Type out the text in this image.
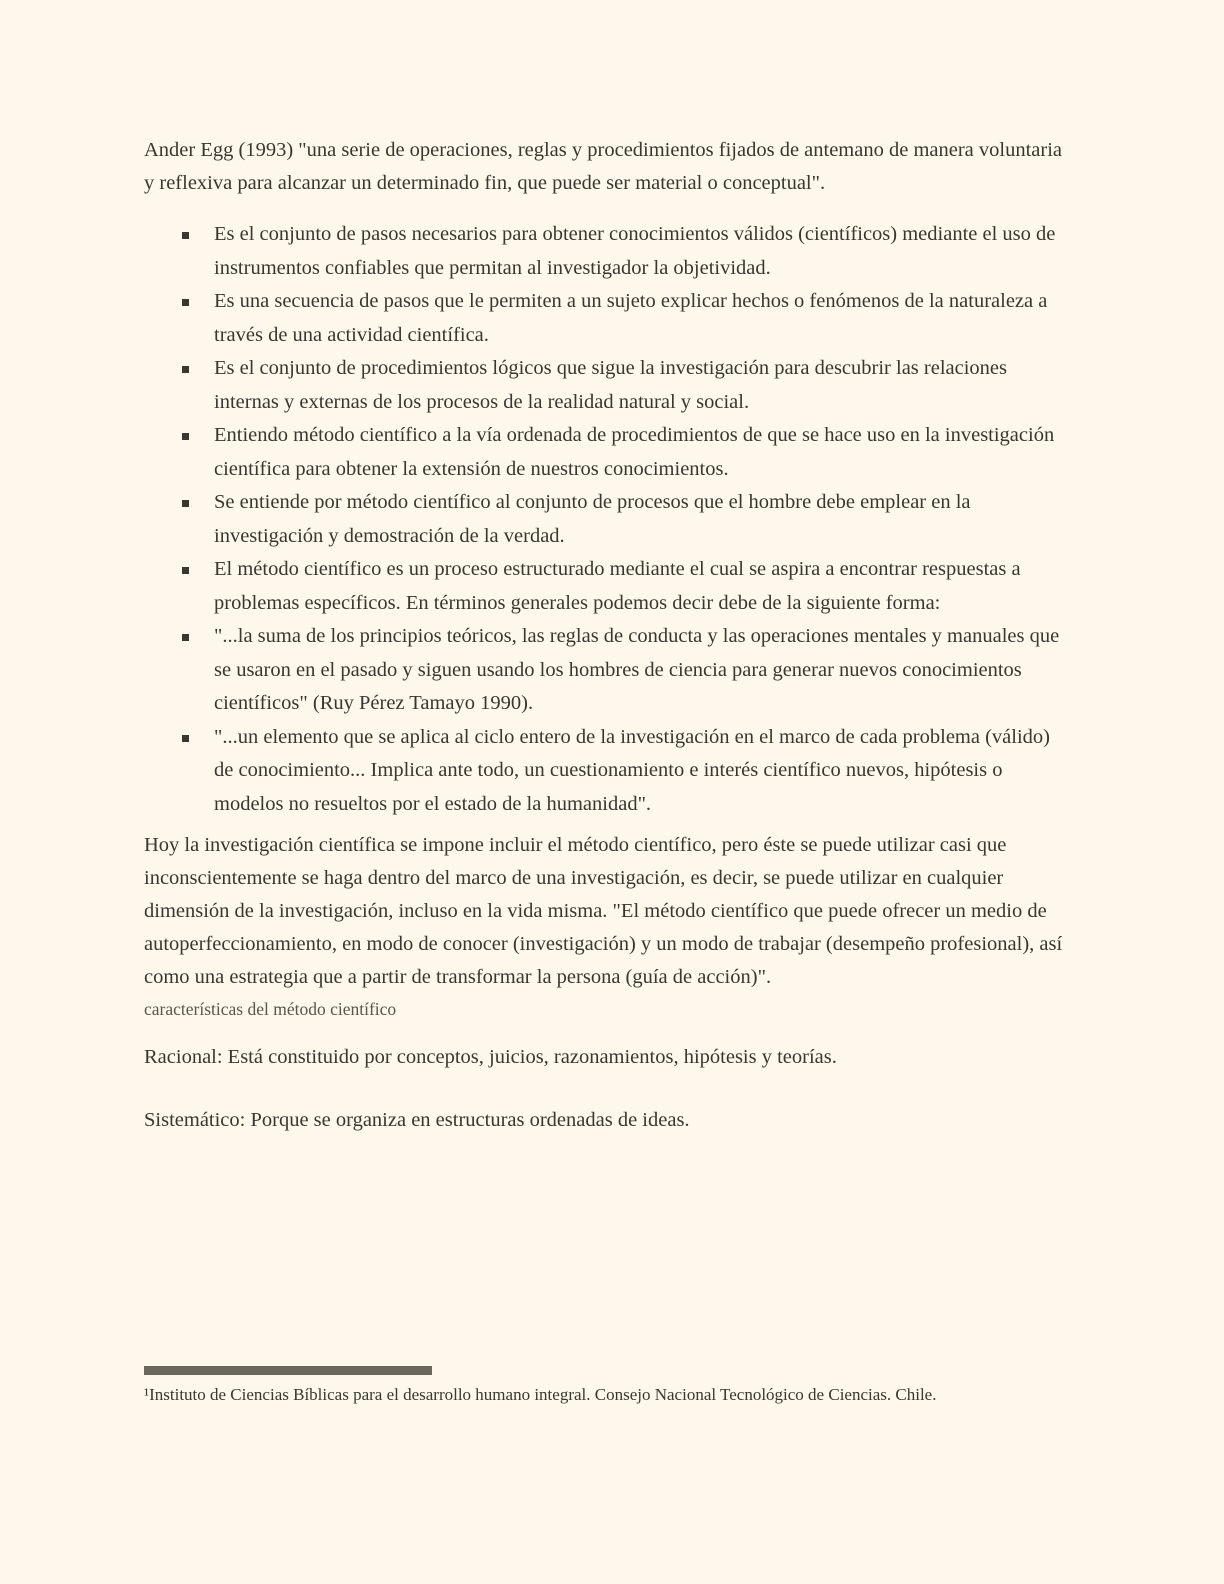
Ander Egg (1993) "una serie de operaciones, reglas y procedimientos fijados de antemano de manera voluntaria y reflexiva para alcanzar un determinado fin, que puede ser material o conceptual".

Es el conjunto de pasos necesarios para obtener conocimientos válidos (científicos) mediante el uso de instrumentos confiables que permitan al investigador la objetividad.
Es una secuencia de pasos que le permiten a un sujeto explicar hechos o fenómenos de la naturaleza a través de una actividad científica.
Es el conjunto de procedimientos lógicos que sigue la investigación para descubrir las relaciones internas y externas de los procesos de la realidad natural y social.
Entiendo método científico a la vía ordenada de procedimientos de que se hace uso en la investigación científica para obtener la extensión de nuestros conocimientos.
Se entiende por método científico al conjunto de procesos que el hombre debe emplear en la investigación y demostración de la verdad.
El método científico es un proceso estructurado mediante el cual se aspira a encontrar respuestas a problemas específicos. En términos generales podemos decir debe de la siguiente forma:
"...la suma de los principios teóricos, las reglas de conducta y las operaciones mentales y manuales que se usaron en el pasado y siguen usando los hombres de ciencia para generar nuevos conocimientos científicos" (Ruy Pérez Tamayo 1990).
"...un elemento que se aplica al ciclo entero de la investigación en el marco de cada problema (válido) de conocimiento... Implica ante todo, un cuestionamiento e interés científico nuevos, hipótesis o modelos no resueltos por el estado de la humanidad".

Hoy la investigación científica se impone incluir el método científico, pero éste se puede utilizar casi que inconscientemente se haga dentro del marco de una investigación, es decir, se puede utilizar en cualquier dimensión de la investigación, incluso en la vida misma. "El método científico que puede ofrecer un medio de autoperfeccionamiento, en modo de conocer (investigación) y un modo de trabajar (desempeño profesional), así como una estrategia que a partir de transformar la persona (guía de acción)".

características del método científico

Racional: Está constituido por conceptos, juicios, razonamientos, hipótesis y teorías.

Sistemático: Porque se organiza en estructuras ordenadas de ideas.

¹Instituto de Ciencias Bíblicas para el desarrollo humano integral. Consejo Nacional Tecnológico de Ciencias. Chile.
